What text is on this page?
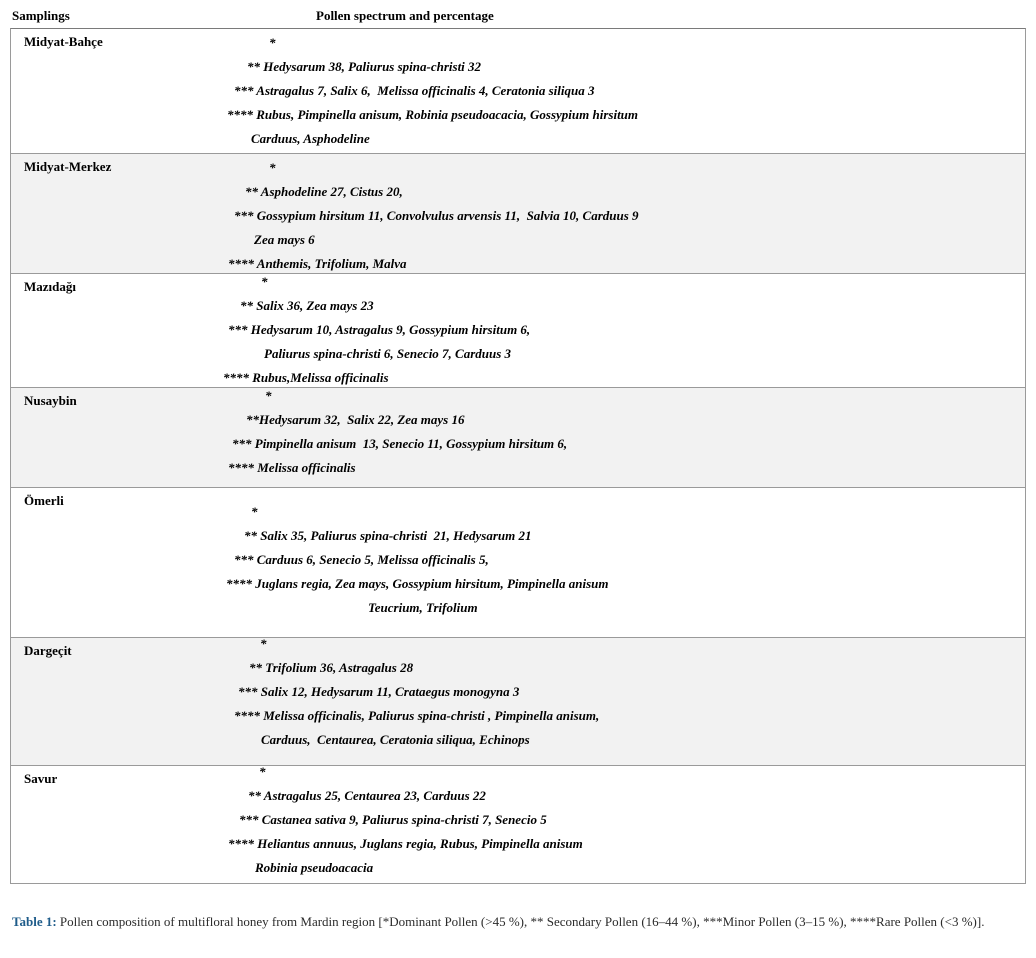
Samplings	Pollen spectrum and percentage
Midyat-Bahçe	*
** Hedysarum 38, Paliurus spina-christi 32
*** Astragalus 7, Salix 6,  Melissa officinalis 4, Ceratonia siliqua 3
**** Rubus, Pimpinella anisum, Robinia pseudoacacia, Gossypium hirsitum
Carduus, Asphodeline
Midyat-Merkez	*
** Asphodeline 27, Cistus 20,
*** Gossypium hirsitum 11, Convolvulus arvensis 11,  Salvia 10, Carduus 9
Zea mays 6
**** Anthemis, Trifolium, Malva
Mazıdağı	*
** Salix 36, Zea mays 23
*** Hedysarum 10, Astragalus 9, Gossypium hirsitum 6,
Paliurus spina-christi 6, Senecio 7, Carduus 3
**** Rubus,Melissa officinalis
Nusaybin	*
**Hedysarum 32,  Salix 22, Zea mays 16
*** Pimpinella anisum  13, Senecio 11, Gossypium hirsitum 6,
**** Melissa officinalis
Ömerli
*
** Salix 35, Paliurus spina-christi  21, Hedysarum 21
*** Carduus 6, Senecio 5, Melissa officinalis 5,
**** Juglans regia, Zea mays, Gossypium hirsitum, Pimpinella anisum
Teucrium, Trifolium
Dargeçit	*
** Trifolium 36, Astragalus 28
*** Salix 12, Hedysarum 11, Crataegus monogyna 3
**** Melissa officinalis, Paliurus spina-christi , Pimpinella anisum,
Carduus,  Centaurea, Ceratonia siliqua, Echinops
Savur	*
** Astragalus 25, Centaurea 23, Carduus 22
*** Castanea sativa 9, Paliurus spina-christi 7, Senecio 5
**** Heliantus annuus, Juglans regia, Rubus, Pimpinella anisum
Robinia pseudoacacia
Table 1: Pollen composition of multifloral honey from Mardin region [*Dominant Pollen (>45 %), ** Secondary Pollen (16–44 %), ***Minor Pollen (3–15 %), ****Rare Pollen (<3 %)].
